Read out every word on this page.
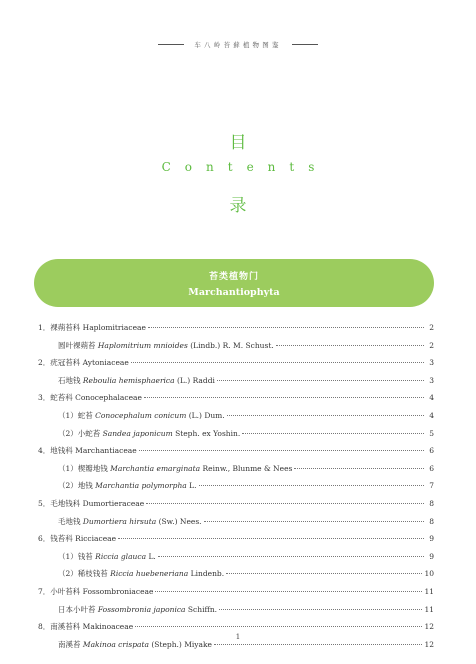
车八岭苔藓植物图鉴
目
Contents
录
苔类植物门
Marchantiophyta
1．裸蒴苔科 Haplomitriaceae	2
圆叶裸蒴苔 Haplomitrium mnioides (Lindb.) R. M. Schust.	2
2．疣冠苔科 Aytoniaceae	3
石地钱 Reboulia hemisphaerica (L.) Raddi	3
3．蛇苔科 Conocephalaceae	4
（1）蛇苔 Conocephalum conicum (L.) Dum.	4
（2）小蛇苔 Sandea japonicum Steph. ex Yoshin.	5
4．地钱科 Marchantiaceae	6
（1）楔瓣地钱 Marchantia emarginata Reinw., Blunme & Nees	6
（2）地钱 Marchantia polymorpha L.	7
5．毛地钱科 Dumortieraceae	8
毛地钱 Dumortiera hirsuta (Sw.) Nees.	8
6．钱苔科 Ricciaceae	9
（1）钱苔 Riccia glauca L.	9
（2）稀枝钱苔 Riccia huebeneriana Lindenb.	10
7．小叶苔科 Fossombroniaceae	11
日本小叶苔 Fossombronia japonica Schiffn.	11
8．南溪苔科 Makinoaceae	12
南溪苔 Makinoa crispata (Steph.) Miyake	12
1
